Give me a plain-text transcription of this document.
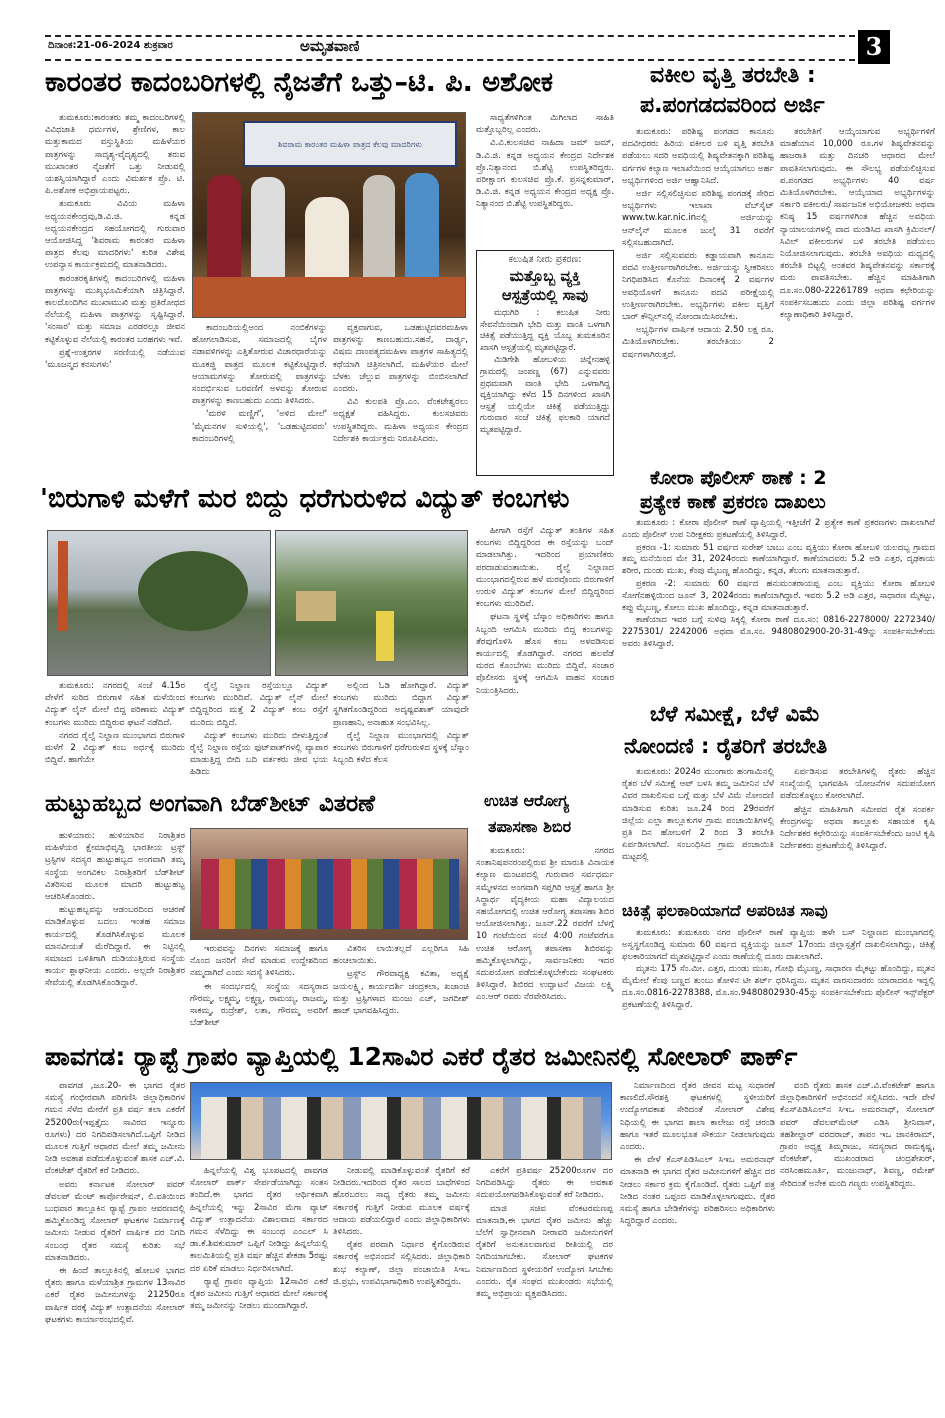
ದಿನಾಂಕ:21-06-2024 ಶುಕ್ರವಾರ	ಅಮೃತವಾಣಿ	3
ಕಾರಂತರ ಕಾದಂಬರಿಗಳಲ್ಲಿ ನೈಜತೆಗೆ ಒತ್ತು–ಟಿ. ಪಿ. ಅಶೋಕ

ತುಮಕೂರು:ಕಾರಂತರು ತಮ್ಮ ಕಾದಂಬರಿಗಳಲ್ಲಿ ವಿವಿಧಜಾತಿ ಧರ್ಮಗಳ, ಶ್ರೇಣಿಗಳ, ಕಾಲ ಮತ್ತುಕಾಮದ ವಸ್ತುಸ್ಥಿತಿಯ ಮಹಿಳೆಯರ ಪಾತ್ರಗಳನ್ನು ಸಾದೃಶ್ಯ-ವೈದೃಶ್ಯದಲ್ಲಿ ತರುವ ಮುಖಾಂತರ ನೈಜತೆಗೆ ಒತ್ತು ನೀಡುವಲ್ಲಿ ಯಶಸ್ವಿಯಾಗಿದ್ದಾರೆ ಎಂದು ವಿಮರ್ಶಕ ಪ್ರೊ. ಟಿ. ಪಿ.ಅಶೋಕ ಅಭಿಪ್ರಾಯಪಟ್ಟರು.

ತುಮಕೂರು ವಿವಿಯ ಮಹಿಳಾ ಅಧ್ಯಯನಕೇಂದ್ರವು,ಡಿ.ವಿ.ಜಿ. ಕನ್ನಡ ಅಧ್ಯಯನಕೇಂದ್ರದ ಸಹಯೋಗದಲ್ಲಿ ಗುರುವಾರ ಆಯೋಜಿಸಿದ್ದ 'ಶಿವರಾಮ ಕಾರಂತರ ಮಹಿಳಾ ಪಾತ್ರದ ಕೆಲವು ಮಾದರಿಗಳು' ಕುರಿತ ವಿಶೇಷ ಉಪನ್ಯಾಸ ಕಾರ್ಯಕ್ರಮದಲ್ಲಿ ಮಾತನಾಡಿದರು.

ಕಾರಂತರಕೃತಿಗಳಲ್ಲಿ ಕಾದಂಬರಿಗಳಲ್ಲಿ ಮಹಿಳಾ ಪಾತ್ರಗಳನ್ನು ಮುಖ್ಯಭೂಮಿಕೆಯಾಗಿ ಚಿತ್ರಿಸಿದ್ದಾರೆ. ಕಾಲದೊಂದಿಗಿನ ಮುಖಾಮುಖಿ ಮತ್ತು ಪ್ರತಿರೋಧದ ನೆಲೆಯಲ್ಲಿ ಮಹಿಳಾ ಪಾತ್ರಗಳನ್ನು ಸೃಷ್ಟಿಸಿದ್ದಾರೆ. 'ಸಂಸಾರ' ಮತ್ತು ಸಮಾಜ ಎರಡರಲ್ಲೂ ಜೀವನ ಕಟ್ಟಿಕೊಳ್ಳುವ ನೆಲೆಯಲ್ಲಿ ಕಾರಂತರ ಬರಹಗಳು ಇವೆ.

ಪ್ರಶ್ನೆ-ಉತ್ತರಗಳ ಸರಣಿಯಲ್ಲಿ ನಡೆಯುವ 'ಮೂಜನ್ಮದ ಕನಸುಗಳು'

ಶಿವರಾಮ ಕಾರಂತರ ಮಹಿಳಾ ಪಾತ್ರದ ಕೆಲವು ಮಾದರಿಗಳು

ಕಾದಂಬರಿಯಲ್ಲಿಅಂದ ನಂಬಿಕೆಗಳನ್ನು ಹೋಗಲಾಡಿಸುವ, ಸಮಾಜದಲ್ಲಿ ಬೈಗಳ ನಡಾವಳಿಗಳನ್ನು ಎತ್ತಿತೋರುವ ವಿಚಾರಧಾರೆಯನ್ನು ಮೂಕಜ್ಜಿ ಪಾತ್ರದ ಮೂಲಕ ಕಟ್ಟಿಕೊಟ್ಟಿದ್ದಾರೆ. ಆಯಾಮಗಳನ್ನು ತೋರುವಲ್ಲಿ ಪಾತ್ರಗಳನ್ನು ಸಂದರ್ಭಿಸುವ ಬರವಣಿಗೆ ಅಳವನ್ನು ತೋರುವ ಪಾತ್ರಗಳನ್ನು ಕಾಣಬಹುದು ಎಂದು ತಿಳಿಸಿದರು.

'ಮರಳಿ ಮಣ್ಣಿಗೆ', 'ಅಳಿದ ಮೇಲೆ' 'ಮೈಮನಗಳ ಸುಳಿಯಲ್ಲಿ', 'ಒಡಹುಟ್ಟಿದವರು' ಕಾದಂಬರಿಗಳಲ್ಲಿ

ವ್ಯಕ್ತವಾಗುವ, ಒಡಹುಟ್ಟಿದವರಮಹಿಳಾ ಪಾತ್ರಗಳನ್ನು ಕಾಣಬಹುದು.ಸಹನೆ, ದಾರ್ಢ್ಯ, ವಿಷಮ ದಾಂಪತ್ಯದಮಹಿಳಾ ಪಾತ್ರಗಳ ಸಾಹಿತ್ಯದಲ್ಲಿ ಕಥೆಯಾಗಿ ಚಿತ್ರಿಸಲಾಗಿದೆ. ಮಹಿಳೆಯರ ಮೇಲೆ ಬೆಳಕು ಚೆಲ್ಲುವ ಪಾತ್ರಗಳನ್ನು ಬಿಂಬಿಸಲಾಗಿದೆ ಎಂದರು.

ವಿವಿ ಕುಲಪತಿ ಪ್ರೊ.ಎಂ. ವೆಂಕಟೇಶ್ವರಲು ಅಧ್ಯಕ್ಷತೆ ವಹಿಸಿದ್ದರು. ಕುಲಸಚಿವರು ಉಪಸ್ಥಿತರಿದ್ದರು. ಮಹಿಳಾ ಅಧ್ಯಯನ ಕೇಂದ್ರದ ನಿರ್ದೇಶಕಿ ಕಾರ್ಯಕ್ರಮ ನಿರೂಪಿಸಿದರು.

ಸಾಧ್ಯತೆಗಳಿಗಿಂತ ಮಿಗಿಲಾದ ಸಾಹಿತಿ ಮತ್ತೊಬ್ಬರಿಲ್ಲ ಎಂದರು.

ವಿ.ವಿ.ಕುಲಸಚಿವ ನಾಹಿದಾ ಜಮ್ ಜಮ್, ಡಿ.ವಿ.ಜಿ. ಕನ್ನಡ ಅಧ್ಯಯನ ಕೇಂದ್ರದ ನಿರ್ದೇಶಕ ಪ್ರೊ.ನಿತ್ಯಾನಂದ ಬಿ.ಶೆಟ್ಟಿ ಉಪಸ್ಥಿತರಿದ್ದರು. ಪರೀಕ್ಷಾಂಗ ಕುಲಸಚಿವ ಪ್ರೊ.ಕೆ. ಪ್ರಸನ್ನಕುಮಾರ್, ಡಿ.ವಿ.ಜಿ. ಕನ್ನಡ ಅಧ್ಯಯನ ಕೇಂದ್ರದ ಅಧ್ಯಕ್ಷ ಪ್ರೊ. ನಿತ್ಯಾನಂದ ಬಿ.ಶೆಟ್ಟಿ ಉಪಸ್ಥಿತರಿದ್ದರು.

ಕಲುಷಿತ ನೀರು ಪ್ರಕರಣ:
ಮತ್ತೊಬ್ಬ ವ್ಯಕ್ತಿ ಆಸ್ಪತ್ರೆಯಲ್ಲಿ ಸಾವು

ಮಧುಗಿರಿ : ಕಲುಷಿತ ನೀರು ಸೇವನೆಯಿಂದಾಗಿ ಭೇದಿ ಮತ್ತು ವಾಂತಿ ಒಳಗಾಗಿ ಚಿಕಿತ್ಸೆ ಪಡೆಯುತ್ತಿದ್ದ ವ್ಯಕ್ತಿ ಯೊಬ್ಬ ತುಮಕೂರಿನ ಖಾಸಗಿ ಆಸ್ಪತ್ರೆಯಲ್ಲಿ ಮೃತಪಟ್ಟಿದ್ದಾರೆ.

ಮಿಡಿಗೇಶಿ ಹೋಬಳಿಯ ಚಿನ್ನೇನಹಳ್ಳಿ ಗ್ರಾಮದಲ್ಲಿ ಜಂಪಣ್ಣ (67) ಎನ್ನುವವರು ಪ್ರಥಮವಾಗಿ ವಾಂತಿ ಭೇದಿ ಒಳಗಾಗಿದ್ದ ವ್ಯಕ್ತಿಯಾಗಿದ್ದು ಕಳೆದ 15 ದಿನಗಳಿಂದ ಖಾಸಗಿ ಆಸ್ಪತ್ರೆ ಯಲ್ಲಿಯೇ ಚಿಕಿತ್ಸೆ ಪಡೆಯುತ್ತಿದ್ದು ಗುರುವಾರ ಸಂಜೆ ಚಿಕಿತ್ಸೆ ಫಲಕಾರಿ ಯಾಗದೆ ಮೃತಪಟ್ಟಿದ್ದಾರೆ.

ವಕೀಲ ವೃತ್ತಿ ತರಬೇತಿ :
ಪ.ಪಂಗಡದವರಿಂದ ಅರ್ಜಿ

ತುಮಕೂರು: ಪರಿಶಿಷ್ಟ ಪಂಗಡದ ಕಾನೂನು ಪದವೀಧರರು ಹಿರಿಯ ವಕೀಲರ ಬಳಿ ವೃತ್ತಿ ತರಬೇತಿ ಪಡೆಯಲು ಸದರಿ ಅವಧಿಯಲ್ಲಿ ಶಿಷ್ಯವೇತನಕ್ಕಾಗಿ ಪರಿಶಿಷ್ಟ ವರ್ಗಗಳ ಕಲ್ಯಾಣ ಇಲಾಖೆಯಿಂದ ಆಯ್ಕೆಯಾಗಲು ಅರ್ಹ ಅಭ್ಯರ್ಥಿಗಳಿಂದ ಅರ್ಜಿ ಆಹ್ವಾನಿಸಿದೆ.

ಅರ್ಜಿ ಸಲ್ಲಿಸಲಿಚ್ಛಿಸುವ ಪರಿಶಿಷ್ಟ ಪಂಗಡಕ್ಕೆ ಸೇರಿದ ಅಭ್ಯರ್ಥಿಗಳು ಇಲಾಖಾ ವೆಬ್‌ಸೈಟ್ www.tw.kar.nic.inನಲ್ಲಿ ಅರ್ಜಿಯನ್ನು ಆನ್‌ಲೈನ್ ಮೂಲಕ ಜುಲೈ 31 ರವರೆಗೆ ಸಲ್ಲಿಸಬಹುದಾಗಿದೆ.

ಅರ್ಜಿ ಸಲ್ಲಿಸುವವರು ಕಡ್ಡಾಯವಾಗಿ ಕಾನೂನು ಪದವಿ ಉತ್ತೀರ್ಣರಾಗಿರಬೇಕು. ಅರ್ಜಿಯನ್ನು ಸ್ವೀಕರಿಸಲು ನಿಗಧಿಪಡಿಸಿದ ಕೊನೆಯ ದಿನಾಂಕಕ್ಕೆ 2 ವರ್ಷಗಳ ಅವಧಿಯೊಳಗೆ ಕಾನೂನು ಪದವಿ ಪರೀಕ್ಷೆಯಲ್ಲಿ ಉತ್ತೀರ್ಣರಾಗಿರಬೇಕು. ಅಭ್ಯರ್ಥಿಗಳು ವಕೀಲ ವೃತ್ತಿಗೆ ಬಾರ್ ಕೌನ್ಸಿಲ್‌ನಲ್ಲಿ ನೋಂದಾಯಿಸಿರಬೇಕು.

ಅಭ್ಯರ್ಥಿಗಳ ವಾರ್ಷಿಕ ಆದಾಯ 2.50 ಲಕ್ಷ ರೂ. ಮಿತಿಯೊಳಗಿರಬೇಕು. ತರಬೇತಿಯು 2 ವರ್ಷಗಳಾಗಿರುತ್ತದೆ.

ತರಬೇತಿಗೆ ಆಯ್ಕೆಯಾಗುವ ಅಭ್ಯರ್ಥಿಗಳಿಗೆ ಮಾಹೆಯಾನ 10,000 ರೂ.ಗಳ ಶಿಷ್ಯವೇತನವನ್ನು ಹಾಜರಾತಿ ಮತ್ತು ದಿನಚರಿ ಆಧಾರದ ಮೇಲೆ ಪಾವತಿಸಲಾಗುವುದು. ಈ ಸೌಲಭ್ಯ ಪಡೆಯಲಿಚ್ಛಿಸುವ ಪ.ಪಂಗಡದ ಅಭ್ಯರ್ಥಿಗಳು 40 ವರ್ಷ ಮಿತಿಯೊಳಗಿರಬೇಕು. ಆಯ್ಕೆಯಾದ ಅಭ್ಯರ್ಥಿಗಳನ್ನು ಸರ್ಕಾರಿ ವಕೀಲರು/ ಸಾರ್ವಜನಿಕ ಅಭಿಯೋಜಕರು ಅಥವಾ ಕನಿಷ್ಠ 15 ವರ್ಷಗಳಿಗಿಂತ ಹೆಚ್ಚಿನ ಅವಧಿಯ ನ್ಯಾಯಾಲಯಗಳಲ್ಲಿ ವಾದ ಮಂಡಿಸಿದ ಖಾಸಗಿ ಕ್ರಿಮಿನಲ್/ಸಿವಿಲ್ ವಕೀಲರುಗಳ ಬಳಿ ತರಬೇತಿ ಪಡೆಯಲು ನಿಯೋಜಿಸಲಾಗುವುದು. ತರಬೇತಿ ಅವಧಿಯ ಮಧ್ಯದಲ್ಲಿ ತರಬೇತಿ ಬಿಟ್ಟಲ್ಲಿ ಅಂತವರ ಶಿಷ್ಯವೇತನವನ್ನು ಸರ್ಕಾರಕ್ಕೆ ಮರು ಪಾವತಿಸಬೇಕು. ಹೆಚ್ಚಿನ ಮಾಹಿತಿಗಾಗಿ ದೂ.ಸಂ.080-22261789 ಅಥವಾ ಕಛೇರಿಯನ್ನು ಸಂಪರ್ಕಿಸಬಹುದು ಎಂದು ಜಿಲ್ಲಾ ಪರಿಶಿಷ್ಟ ವರ್ಗಗಳ ಕಲ್ಯಾಣಾಧಿಕಾರಿ ತಿಳಿಸಿದ್ದಾರೆ.

ಕೋರಾ ಪೊಲೀಸ್ ಠಾಣೆ : 2
ಪ್ರತ್ಯೇಕ ಕಾಣೆ ಪ್ರಕರಣ ದಾಖಲು

ತುಮಕೂರು : ಕೋರಾ ಪೊಲೀಸ್ ಠಾಣೆ ವ್ಯಾಪ್ತಿಯಲ್ಲಿ ಇತ್ತೀಚೆಗೆ 2 ಪ್ರತ್ಯೇಕ ಕಾಣೆ ಪ್ರಕರಣಗಳು ದಾಖಲಾಗಿವೆ ಎಂದು ಪೊಲೀಸ್ ಉಪ ನಿರೀಕ್ಷಕರು ಪ್ರಕಟಣೆಯಲ್ಲಿ ತಿಳಿಸಿದ್ದಾರೆ.

ಪ್ರಕರಣ -1: ಸುಮಾರು 51 ವರ್ಷದ ಸುರೇಶ್ ಬಾಬು ಎಂಬ ವ್ಯಕ್ತಿಯು ಕೋರಾ ಹೋಬಳಿ ಯಲದಬ್ಬ ಗ್ರಾಮದ ತಮ್ಮ ಮನೆಯಿಂದ ಮೇ 31, 2024ರಂದು ಕಾಣೆಯಾಗಿದ್ದಾರೆ. ಕಾಣೆಯಾದವರು 5.2 ಅಡಿ ಎತ್ತರ, ದೃಢಕಾಯ ಶರೀರ, ದುಂಡು ಮುಖ, ಕೆಂಪು ಮೈಬಣ್ಣ ಹೊಂದಿದ್ದು, ಕನ್ನಡ, ತೆಲುಗು ಮಾತನಾಡುತ್ತಾರೆ.

ಪ್ರಕರಣ -2: ಸುಮಾರು 60 ವರ್ಷದ ಹನುಮಂತರಾಯಪ್ಪ ಎಂಬ ವ್ಯಕ್ತಿಯು ಕೋರಾ ಹೋಬಳಿ ಸೋಗೆನಹಳ್ಳಿಯಿಂದ ಜೂನ್ 3, 2024ರಂದು ಕಾಣೆಯಾಗಿದ್ದಾರೆ. ಇವರು 5.2 ಅಡಿ ಎತ್ತರ, ಸಾಧಾರಣ ಮೈಕಟ್ಟು, ಕಪ್ಪು ಮೈಬಣ್ಣ, ಕೋಲು ಮುಖ ಹೊಂದಿದ್ದು, ಕನ್ನಡ ಮಾತನಾಡುತ್ತಾರೆ.

ಕಾಣೆಯಾದ ಇವರ ಬಗ್ಗೆ ಸುಳಿವು ಸಿಕ್ಕಲ್ಲಿ ಕೋರಾ ಠಾಣೆ ದೂ.ಸಂ: 0816-2278000/ 2272340/ 2275301/ 2242006 ಅಥವಾ ಮೊ.ಸಂ. 9480802900-20-31-49ನ್ನು ಸಂಪರ್ಕಿಸಬೇಕೆಂದು ಅವರು ತಿಳಿಸಿದ್ದಾರೆ.

ಬೆಳೆ ಸಮೀಕ್ಷೆ, ಬೆಳೆ ವಿಮೆ
ನೋಂದಣಿ : ರೈತರಿಗೆ ತರಬೇತಿ

ತುಮಕೂರು: 2024ರ ಮುಂಗಾರು ಹಂಗಾಮಿನಲ್ಲಿ ರೈತರ ಬೆಳೆ ಸಮೀಕ್ಷೆ ಆಪ್ ಬಳಸಿ ತಮ್ಮ ಜಮೀನಿನ ಬೆಳೆ ವಿವರ ದಾಖಲಿಸುವ ಬಗ್ಗೆ ಮತ್ತು ಬೆಳೆ ವಿಮೆ ನೋಂದಣಿ ಮಾಡಿಸುವ ಕುರಿತು ಜೂ.24 ರಿಂದ 29ರವರೆಗೆ ಜಿಲ್ಲೆಯ ಎಲ್ಲಾ ತಾಲ್ಲೂಕುಗಳ ಗ್ರಾಮ ಪಂಚಾಯಿತಿಗಳಲ್ಲಿ ಪ್ರತಿ ದಿನ ಹೋಬಳಿಗೆ 2 ರಿಂದ 3 ತರಬೇತಿ ಏರ್ಪಡಿಸಲಾಗಿದೆ. ಸಂಬಂಧಿಸಿದ ಗ್ರಾಮ ಪಂಚಾಯಿತಿ ಮಟ್ಟದಲ್ಲಿ

ಏರ್ಪಡಿಸುವ ತರಬೇತಿಗಳಲ್ಲಿ ರೈತರು ಹೆಚ್ಚಿನ ಸಂಖ್ಯೆಯಲ್ಲಿ ಭಾಗವಹಿಸಿ ಯೋಜನೆಗಳ ಸದುಪಯೋಗ ಪಡೆದುಕೊಳ್ಳಲು ಕೋರಲಾಗಿದೆ.

ಹೆಚ್ಚಿನ ಮಾಹಿತಿಗಾಗಿ ಸಮೀಪದ ರೈತ ಸಂಪರ್ಕ ಕೇಂದ್ರಗಳನ್ನು ಅಥವಾ ತಾಲ್ಲೂಕು ಸಹಾಯಕ ಕೃಷಿ ನಿರ್ದೇಶಕರ ಕಛೇರಿಯನ್ನು ಸಂಪರ್ಕಿಸಬೇಕೆಂದು ಜಂಟಿ ಕೃಷಿ ನಿರ್ದೇಶಕರು ಪ್ರಕಟಣೆಯಲ್ಲಿ ತಿಳಿಸಿದ್ದಾರೆ.

ಚಿಕಿತ್ಸೆ ಫಲಕಾರಿಯಾಗದೆ ಅಪರಿಚಿತ ಸಾವು

ತುಮಕೂರು: ತುಮಕೂರು ನಗರ ಪೊಲೀಸ್ ಠಾಣೆ ವ್ಯಾಪ್ತಿಯ ಹಳೇ ಬಸ್ ನಿಲ್ದಾಣದ ಮುಂಭಾಗದಲ್ಲಿ ಅಸ್ವಸ್ಥಗೊಂಡಿದ್ದ ಸುಮಾರು 60 ವರ್ಷದ ವ್ಯಕ್ತಿಯನ್ನು ಜೂನ್ 17ರಂದು ಜಿಲ್ಲಾಸ್ಪತ್ರೆಗೆ ದಾಖಲಿಸಲಾಗಿದ್ದು, ಚಿಕಿತ್ಸೆ ಫಲಕಾರಿಯಾಗದೆ ಮೃತಪಟ್ಟಿದ್ದಾನೆ ಎಂದು ಠಾಣೆಯಲ್ಲಿ ದೂರು ದಾಖಲಾಗಿದೆ.

ಮೃತನು 175 ಸೆಂ.ಮೀ. ಎತ್ತರ, ದುಂಡು ಮುಖ, ಗೋಧಿ ಮೈಬಣ್ಣ, ಸಾಧಾರಣ ಮೈಕಟ್ಟು ಹೊಂದಿದ್ದು, ಮೃತನ ಮೈಮೇಲೆ ಕೆಂಪು ಬಣ್ಣದ ತುಂಬು ತೋಳಿನ ಟೀ ಶರ್ಟ್ ಧರಿಸಿದ್ದನು. ಮೃತನ ವಾರಸುದಾರರು ಯಾರಾದರೂ ಇದ್ದಲ್ಲಿ ದೂ.ಸಂ.0816-2278388, ಮೊ.ಸಂ.9480802930-45ನ್ನು ಸಂಪರ್ಕಿಸಬೇಕೆಂದು ಪೊಲೀಸ್ ಇನ್ಸ್‌ಪೆಕ್ಟರ್ ಪ್ರಕಟಣೆಯಲ್ಲಿ ತಿಳಿಸಿದ್ದಾರೆ.

'ಬಿರುಗಾಳಿ ಮಳೆಗೆ ಮರ ಬಿದ್ದು ಧರೆಗುರುಳಿದ ವಿದ್ಯುತ್ ಕಂಬಗಳು

ತುಮಕೂರು: ನಗರದಲ್ಲಿ ಸಂಜೆ 4.15ರ ವೇಳೆಗೆ ಸುರಿದ ಬಿರುಗಾಳಿ ಸಹಿತ ಮಳೆಯಿಂದ ವಿದ್ಯುತ್ ಲೈನ್ ಮೇಲೆ ಬಿದ್ದ ಪರಿಣಾಮ ವಿದ್ಯುತ್ ಕಂಬಗಳು ಮುರಿದು ಬಿದ್ದಿರುವ ಘಟನೆ ನಡೆದಿದೆ.

ನಗರದ ರೈಲ್ವೆ ನಿಲ್ದಾಣ ಮುಂಭಾಗದ ಬಿರುಗಾಳಿ ಮಳೆಗೆ 2 ವಿದ್ಯುತ್ ಕಂಬ ಅರ್ಧಕ್ಕೆ ಮುರಿದು ಬಿದ್ದಿವೆ. ಹಾಗೆಯೇ

ರೈಲ್ವೆ ನಿಲ್ದಾಣ ರಸ್ತೆಯಲ್ಲೂ ವಿದ್ಯುತ್ ಕಂಬಗಳು ಮುರಿದಿವೆ. ವಿದ್ಯುತ್ ಲೈನ್ ಮೇಲೆ ಬಿದ್ದಿದ್ದರಿಂದ ಮತ್ತೆ 2 ವಿದ್ಯುತ್ ಕಂಬ ರಸ್ತೆಗೆ ಮುರಿದು ಬಿದ್ದಿದೆ.

ವಿದ್ಯುತ್ ಕಂಬಗಳು ಮುರಿದು ಬೀಳುತ್ತಿದ್ದಂತೆ ರೈಲ್ವೆ ನಿಲ್ದಾಣ ರಸ್ತೆಯ ಫುಟ್‌ಪಾತ್‌ಗಳಲ್ಲಿ ವ್ಯಾಪಾರ ಮಾಡುತ್ತಿದ್ದ ಬೀದಿ ಬದಿ ವರ್ತಕರು ಜೀವ ಭಯ ಹಿಡಿದು

ಅಲ್ಲಿಂದ ಓಡಿ ಹೋಗಿದ್ದಾರೆ. ವಿದ್ಯುತ್ ಕಂಬಗಳು ಮುರಿದು ಬಿದ್ದಾಗ ವಿದ್ಯುತ್ ಸ್ಥಗಿತಗೊಂಡಿದ್ದರಿಂದ ಅದೃಷ್ಟವಶಾತ್ ಯಾವುದೇ ಪ್ರಾಣಹಾನಿ, ಅನಾಹುತ ಸಂಭವಿಸಿಲ್ಲ.

ರೈಲ್ವೆ ನಿಲ್ದಾಣ ಮುಂಭಾಗದಲ್ಲಿ ವಿದ್ಯುತ್ ಕಂಬಗಳು ಬಿರುಗಾಳಿಗೆ ಧರೆಗುರುಳಿದ ಸ್ಥಳಕ್ಕೆ ಬೆಸ್ಕಾಂ ಸಿಬ್ಬಂದಿ ಕಳೆದ ಕೆಲಸ

ಹೀಗಾಗಿ ರಸ್ತೆಗೆ ವಿದ್ಯುತ್ ತಂತಿಗಳ ಸಹಿತ ಕಂಬಗಳು ಬಿದ್ದಿದ್ದರಿಂದ ಈ ರಸ್ತೆಯನ್ನು ಬಂದ್ ಮಾಡಲಾಗಿತ್ತು. ಇದರಿಂದ ಪ್ರಯಾಣಿಕರು ಪರದಾಡುವಂತಾಯಿತು. ರೈಲ್ವೆ ನಿಲ್ದಾಣದ ಮುಂಭಾಗದಲ್ಲಿರುವ ಹಳೆ ಮರವೊಂದು ಬಿರುಗಾಳಿಗೆ ಉರುಳಿ ವಿದ್ಯುತ್ ಕಂಬಗಳ ಮೇಲೆ ಬಿದ್ದಿದ್ದರಿಂದ ಕಂಬಗಳು ಮುರಿದಿವೆ.

ಘಟನಾ ಸ್ಥಳಕ್ಕೆ ಬೆಸ್ಕಾಂ ಅಧಿಕಾರಿಗಳು ಹಾಗೂ ಸಿಬ್ಬಂದಿ ಆಗಮಿಸಿ ಮುರಿದು ಬಿದ್ದ ಕಂಬಗಳನ್ನು ತೆರವುಗೊಳಿಸಿ ಹೊಸ ಕಂಬ ಅಳವಡಿಸುವ ಕಾರ್ಯದಲ್ಲಿ ತೊಡಗಿದ್ದಾರೆ. ನಗರದ ಹಲವೆಡೆ ಮರದ ಕೊಂಬೆಗಳು ಮುರಿದು ಬಿದ್ದಿವೆ. ಸಂಚಾರ ಪೊಲೀಸರು ಸ್ಥಳಕ್ಕೆ ಆಗಮಿಸಿ ವಾಹನ ಸಂಚಾರ ನಿಯಂತ್ರಿಸಿದರು.

ಹುಟ್ಟುಹಬ್ಬದ ಅಂಗವಾಗಿ ಬೆಡ್‌ಶೀಟ್ ವಿತರಣೆ

ಹುಳಿಯಾರು: ಹುಳಿಯಾರಿನ ನಿರಾಶ್ರಿತರ ಮಹಿಳೆಯರ ಕ್ಷೇಮಾಭಿವೃದ್ಧಿ ಭಾರತೀಯ ಟ್ರಸ್ಟ್ ಟ್ರಸ್ಟಿಗಳ ಸದಸ್ಯರ ಹುಟ್ಟುಹಬ್ಬದ ಅಂಗವಾಗಿ ತಮ್ಮ ಸಂಸ್ಥೆಯ ಅಂಗವಿಕಲ ನಿರಾಶ್ರಿತರಿಗೆ ಬೆಡ್‌ಶೀಟ್ ವಿತರಿಸುವ ಮೂಲಕ ಮಾದರಿ ಹುಟ್ಟುಹಬ್ಬ ಆಚರಿಸಿಕೊಂಡರು.

ಹುಟ್ಟುಹಬ್ಬವನ್ನು ಆಡಂಬರದಿಂದ ಆಚರಣೆ ಮಾಡಿಕೊಳ್ಳುವ ಬದಲು ಇಂತಹ ಸಮಾಜ ಕಾರ್ಯದಲ್ಲಿ ತೊಡಗಿಸಿಕೊಳ್ಳುವ ಮೂಲಕ ಮಾನವೀಯತೆ ಮೆರೆದಿದ್ದಾರೆ. ಈ ನಿಟ್ಟಿನಲ್ಲಿ ಸಮಾಜದ ಒಳಿತಿಗಾಗಿ ದುಡಿಯುತ್ತಿರುವ ಸಂಸ್ಥೆಯ ಕಾರ್ಯ ಶ್ಲಾಘನೀಯ ಎಂದರು. ಅಲ್ಲದೇ ನಿರಾಶ್ರಿತರ ಸೇವೆಯಲ್ಲಿ ತೊಡಗಿಸಿಕೊಂಡಿದ್ದಾರೆ.

ಇರುವವನ್ನು ದಿನಗಳು ಸಮಾಜಕ್ಕೆ ಹಾಗೂ ನೊಂದ ಜನರಿಗೆ ಸೇವೆ ಮಾಡುವ ಉದ್ದೇಶದಿಂದ ನಮ್ಮದಾಗಿದೆ ಎಂದು ಸದಸ್ಯೆ ತಿಳಿಸಿದರು.

ಈ ಸಂದರ್ಭದಲ್ಲಿ ಸಂಸ್ಥೆಯ ಸದಸ್ಯರಾದ ಗೌರಮ್ಮ, ಲಕ್ಷ್ಮಮ್ಮ, ಲಕ್ಷ್ಮಣ್ಣ, ರಾಮಯ್ಯ, ರಾಜಮ್ಮ, ಸಾಕಮ್ಮ, ರುದ್ರೇಶ್, ಲತಾ, ಗೌರಮ್ಮ ಅವರಿಗೆ ಬೆಡ್‌ಶೀಟ್

ವಿತರಿಸ ಲಾಯಿತಲ್ಲದೆ ಎಲ್ಲರಿಗೂ ಸಿಹಿ ಹಂಚಲಾಯಿತು.

ಟ್ರಸ್ಟ್‌ನ ಗೌರವಾಧ್ಯಕ್ಷ ಕವಿತಾ, ಅಧ್ಯಕ್ಷೆ ಜಯಲಕ್ಷ್ಮಿ, ಕಾರ್ಯದರ್ಶಿ ಚಂದ್ರಕಲಾ, ಖಜಾಂಚಿ ಮತ್ತು ಟ್ರಸ್ಟಿಗಳಾದ ಮಂಜು ಎಚ್, ಜಗದೀಶ್ ಹಾಜ್ ಭಾಗವಹಿಸಿದ್ದರು.

ಉಚಿತ ಆರೋಗ್ಯ
ತಪಾಸಣಾ ಶಿಬಿರ

ತುಮಕೂರು: ನಗರದ ಸಂತಾನಿಷಪನರಂಪಲ್ಲಿರುವ ಶ್ರೀ ಮಾರುತಿ ವಿನಾಯಕ ಕಲ್ಯಾಣ ಮಂಟಪದಲ್ಲಿ ಗುರುವಾರ ಸರ್ವಧರ್ಮ ಸಮ್ಮೇಳನದ ಅಂಗವಾಗಿ ಸಪ್ತಗಿರಿ ಆಸ್ಪತ್ರೆ ಹಾಗೂ ಶ್ರೀ ಸಿದ್ಧಾರ್ಥ ವೈದ್ಯಕೀಯ ಮಹಾ ವಿದ್ಯಾಲಯದ ಸಹಯೋಗದಲ್ಲಿ ಉಚಿತ ಆರೋಗ್ಯ ತಪಾಸಣಾ ಶಿಬಿರ ಆಯೋಜಿಸಲಾಗಿತ್ತು. ಜೂನ್.22 ರವರೆಗೆ ಬೆಳಗ್ಗೆ 10 ಗಂಟೆಯಿಂದ ಸಂಜೆ 4:00 ಗಂಟೆವರೆಗೂ ಉಚಿತ ಆರೋಗ್ಯ ತಪಾಸಣಾ ಶಿಬಿರವನ್ನು ಹಮ್ಮಿಕೊಳ್ಳಲಾಗಿದ್ದು, ಸಾರ್ವಜನಿಕರು ಇದರ ಸದುಪಯೋಗ ಪಡೆದುಕೊಳ್ಳಬೇಕೆಂದು ಸಂಘಟಕರು ತಿಳಿಸಿದ್ದಾರೆ. ಶಿಬಿರದ ಉದ್ಘಾಟನೆ ವಿಜಯ ಲಕ್ಷ್ಮಿ ಎಂ.ಆರ್ ರವರು ನೆರವೇರಿಸಿದರು.

ಪಾವಗಡ: ರ್‍ಯಾಪ್ಟೆ ಗ್ರಾಪಂ ವ್ಯಾಪ್ತಿಯಲ್ಲಿ 12ಸಾವಿರ ಎಕರೆ ರೈತರ ಜಮೀನಿನಲ್ಲಿ ಸೋಲಾರ್ ಪಾರ್ಕ್

ಪಾವಗಡ ,ಜೂ.20- ಈ ಭಾಗದ ರೈತರ ಸಮಸ್ಯೆ ಗಂಭೀರವಾಗಿ ಪರಿಗಣಿಸಿ ಜಿಲ್ಲಾಧಿಕಾರಿಗಳ ಗಮನ ಸೆಳೆದ ಮೇರೆಗೆ ಪ್ರತಿ ವರ್ಷ ತಲಾ ಎಕರೆಗೆ 25200ರು(ಇಪ್ಪತ್ತೈದು ಸಾವಿರದ ಇನ್ನೂರು ರೂಗಳು) ದರ ನಿಗದಿಪಡಿಸಲಾಗಿದೆ.ಒಪ್ಪಿಗೆ ನೀಡಿದ ಮೂಲಕ ಗುತ್ತಿಗೆ ಆಧಾರದ ಮೇಲೆ ತಮ್ಮ ಜಮೀನು ನೀಡಿ ಅವಕಾಶ ಪಡೆದುಕೊಳ್ಳುವಂತೆ ಶಾಸಕ ಎಚ್.ವಿ. ವೆಂಕಟೇಶ್ ರೈತರಿಗೆ ಕರೆ ನೀಡಿದರು.

ಅವರು ಕರ್ನಾಟಕ ಸೋಲಾರ್ ಪವರ್ ಡೆವಲಪ್ ಮೆಂಟ್ ಕಾರ್ಪೊರೇಷನ್, ಲಿ.ವತಿಯಿಂದ ಬುಧವಾರ ತಾಲ್ಲೂಕಿನ ರ್‍ಯಾಪ್ಟೆ ಗ್ರಾಪಂ ಆವರಣದಲ್ಲಿ ಹಮ್ಮಿಕೊಂಡಿದ್ದ ಸೋಲಾರ್ ಘಟಕಗಳ ನಿರ್ಮಾಣಕ್ಕೆ ಜಮೀನು ನೀಡುವ ರೈತರಿಗೆ ವಾರ್ಷಿಕ ದರ ನಿಗದಿ ಸಂಬಂಧ ರೈತರ ಸಮಸ್ಯೆ ಕುರಿತು ಸಭೆ ಮಾತನಾಡಿದರು.

ಈ ಹಿಂದೆ ತಾಲ್ಲೂಕಿನಲ್ಲಿ ಹೋಬಳಿ ಭಾಗದ ರೈತರು ಹಾಗೂ ಮಳೆಯಾಶ್ರಿತ ಗ್ರಾಮಗಳ 13ಸಾವಿರ ಎಕರೆ ರೈತರ ಜಮೀನುಗಳನ್ನು 21250ರೂ ವಾರ್ಷಿಕ ದರಕ್ಕೆ ವಿದ್ಯುತ್ ಉತ್ಪಾದನೆಯ ಸೋಲಾರ್ ಘಟಕಗಳು ಕಾರ್ಯಾರಂಭದಲ್ಲಿವೆ.

ಹಿನ್ನಲೆಯಲ್ಲಿ ವಿಶ್ವ ಭೂಪಟದಲ್ಲಿ ಪಾವಗಡ ಸೋಲಾರ್ ಪಾರ್ಕ್ ಸೇರ್ಪಡೆಯಾಗಿದ್ದು ಸಂತಸ ತಂದಿದೆ.ಈ ಭಾಗದ ರೈತರ ಆರ್ಥಿಕವಾಗಿ ಹಿನ್ನಲೆಯಲ್ಲಿ ಇನ್ನು 2ಸಾವಿರ ಮೆಗಾ ವ್ಯಾಟ್ ವಿದ್ಯುತ್ ಉತ್ಪಾದನೆಯ ವಿಶಾಲವಾದ ಸರ್ಕಾರದ ಗಮನ ಸೆಳೆದಿದ್ದು ಈ ಸಂಬಂಧ ಎಂಎಲ್ ಸಿ ಡಾ.ಕೆ.ಶಿವಕುಮಾರ್ ಒಪ್ಪಿಗೆ ನೀಡಿದ್ದು ಹಿನ್ನಲೆಯಲ್ಲಿ ಕಾಲಮಿತಿಯಲ್ಲಿ ಪ್ರತಿ ವರ್ಷ ಹೆಚ್ಚಿನ ಶೇಕಡಾ 5ರಷ್ಟು ದರ ಏರಿಕೆ ಮಾಡಲು ನಿರ್ಧರಿಸಲಾಗಿದೆ.

ರ್‍ಯಾಪ್ಟೆ ಗ್ರಾಪಂ ವ್ಯಾಪ್ತಿಯ 12ಸಾವಿರ ಎಕರೆ ರೈತರ ಜಮೀನು ಗುತ್ತಿಗೆ ಆಧಾರದ ಮೇಲೆ ಸರ್ಕಾರಕ್ಕೆ ತಮ್ಮ ಜಮೀನನ್ನು ನೀಡಲು ಮುಂದಾಗಿದ್ದಾರೆ.

ನೀಡುವಲ್ಲಿ ಮಾಡಿಕೊಳ್ಳುವಂತೆ ರೈತರಿಗೆ ಕರೆ ನೀಡಿದರು.ಇದರಿಂದ ರೈತರ ಸಾಲದ ಬಾಧೆಗಳಿಂದ ಹೊರಬರಲು ಸಾಧ್ಯ ರೈತರು ತಮ್ಮ ಜಮೀನು ಸರ್ಕಾರಕ್ಕೆ ಗುತ್ತಿಗೆ ನೀಡುವ ಮೂಲಕ ವರ್ಷಕ್ಕೆ ಆದಾಯ ಪಡೆಯಲಿದ್ದಾರೆ ಎಂದು ಜಿಲ್ಲಾಧಿಕಾರಿಗಳು ತಿಳಿಸಿದರು.

ರೈತರ ಪರವಾಗಿ ನಿರ್ಧಾರ ಕೈಗೊಂಡಿರುವ ಸರ್ಕಾರಕ್ಕೆ ಅಭಿನಂದನೆ ಸಲ್ಲಿಸಿದರು. ಜಿಲ್ಲಾಧಿಕಾರಿ ಶುಭ ಕಲ್ಯಾಣ್, ಜಿಲ್ಲಾ ಪಂಚಾಯಿತಿ ಸಿಇಒ ಜಿ.ಪ್ರಭು, ಉಪವಿಭಾಗಾಧಿಕಾರಿ ಉಪಸ್ಥಿತರಿದ್ದರು.

ಎಕರೆಗೆ ಪ್ರತಿವರ್ಷ 25200ರೂಗಳ ದರ ನಿಗದಿಪಡಿಸಿದ್ದು ರೈತರು ಈ ಅವಕಾಶ ಸದುಪಯೋಗಪಡಿಸಿಕೊಳ್ಳುವಂತೆ ಕರೆ ನೀಡಿದರು.

ಮಾಜಿ ಸಚಿವ ವೆಂಕಟರಮಣಪ್ಪ ಮಾತನಾಡಿ,ಈ ಭಾಗದ ರೈತರ ಜಮೀನು ಹೆಚ್ಚು ಬೆಲೆಗೆ ಸ್ವಾಧೀನವಾಗಿ ನೀರಾವರಿ ಜಮೀನುಗಳಿಗೆ ರೈತರಿಗೆ ಅನುಕೂಲವಾಗುವ ರೀತಿಯಲ್ಲಿ ದರ ನಿಗದಿಯಾಗಬೇಕು. ಸೋಲಾರ್ ಘಟಕಗಳ ನಿರ್ಮಾಣದಿಂದ ಸ್ಥಳೀಯರಿಗೆ ಉದ್ಯೋಗ ಸಿಗಬೇಕು ಎಂದರು. ರೈತ ಸಂಘದ ಮುಖಂಡರು ಸಭೆಯಲ್ಲಿ ತಮ್ಮ ಅಭಿಪ್ರಾಯ ವ್ಯಕ್ತಪಡಿಸಿದರು.

ನಿರ್ಮಾಣದಿಂದ ರೈತರ ಜೀವನ ಮಟ್ಟ ಸುಧಾರಣೆ ಕಾಣಲಿದೆ.ಸೌರಶಕ್ತಿ ಘಟಕಗಳಲ್ಲಿ ಸ್ಥಳೀಯರಿಗೆ ಉದ್ಯೋಗವಕಾಶ ಸೇರಿದಂತೆ ಸೋಲಾರ್ ವಿಶೇಷ ನಿಧಿಯಲ್ಲಿ ಈ ಭಾಗದ ಶಾಲಾ ಕಾಲೇಜು ರಸ್ತೆ ಚರಂಡಿ ಹಾಗೂ ಇತರೆ ಮೂಲಭೂತ ಸೌಕರ್ಯ ನೀಡಲಾಗುವುದು ಎಂದರು.

ಈ ವೇಳೆ ಕೆಎಸ್‌ಪಿಡಿಸಿಎಲ್ ಸಿಇಒ ಅಮರನಾಥ್ ಮಾತನಾಡಿ ಈ ಭಾಗದ ರೈತರ ಜಮೀನುಗಳಿಗೆ ಹೆಚ್ಚಿನ ದರ ನೀಡಲು ಸರ್ಕಾರ ಕ್ರಮ ಕೈಗೊಂಡಿದೆ. ರೈತರು ಒಪ್ಪಿಗೆ ಪತ್ರ ನೀಡಿದ ನಂತರ ಒಪ್ಪಂದ ಮಾಡಿಕೊಳ್ಳಲಾಗುವುದು. ರೈತರ ಸಮಸ್ಯೆ ಹಾಗೂ ಬೇಡಿಕೆಗಳನ್ನು ಪರಿಹರಿಸಲು ಅಧಿಕಾರಿಗಳು ಸಿದ್ಧರಿದ್ದಾರೆ ಎಂದರು.

ವಂದಿ ರೈತರು ಶಾಸಕ ಎಚ್.ವಿ.ವೆಂಕಟೇಶ್ ಹಾಗೂ ಜಿಲ್ಲಾಧಿಕಾರಿಗಳಿಗೆ ಅಭಿನಂದನೆ ಸಲ್ಲಿಸಿದರು. ಇದೇ ವೇಳೆ ಕೆಎಸ್‌ಪಿಡಿಸಿಎಲ್‌ನ ಸಿಇಒ ಅಮರನಾಥ್, ಸೋಲಾರ್ ಪವರ್ ಡೆವಲಪ್‌ಮೆಂಟ್ ಎಡಿಸಿ ಶ್ರೀನಿವಾಸ್, ತಹಶೀಲ್ದಾರ್ ವರದರಾಜ್, ತಾಪಂ ಇಒ ಜಾನಕಿರಾಮ್, ಗ್ರಾಪಂ ಅಧ್ಯಕ್ಷ ತಿಮ್ಮರಾಜು, ಸದಸ್ಯರಾದ ರಾಮಕೃಷ್ಣ, ವೆಂಕಟೇಶ್, ಮುಖಂಡರಾದ ಚಂದ್ರಶೇಖರ್, ನರಸಿಂಹಮೂರ್ತಿ, ಮಂಜುನಾಥ್, ಶಿವಣ್ಣ, ರಮೇಶ್ ಸೇರಿದಂತೆ ಅನೇಕ ಮಂದಿ ಗಣ್ಯರು ಉಪಸ್ಥಿತರಿದ್ದರು.
